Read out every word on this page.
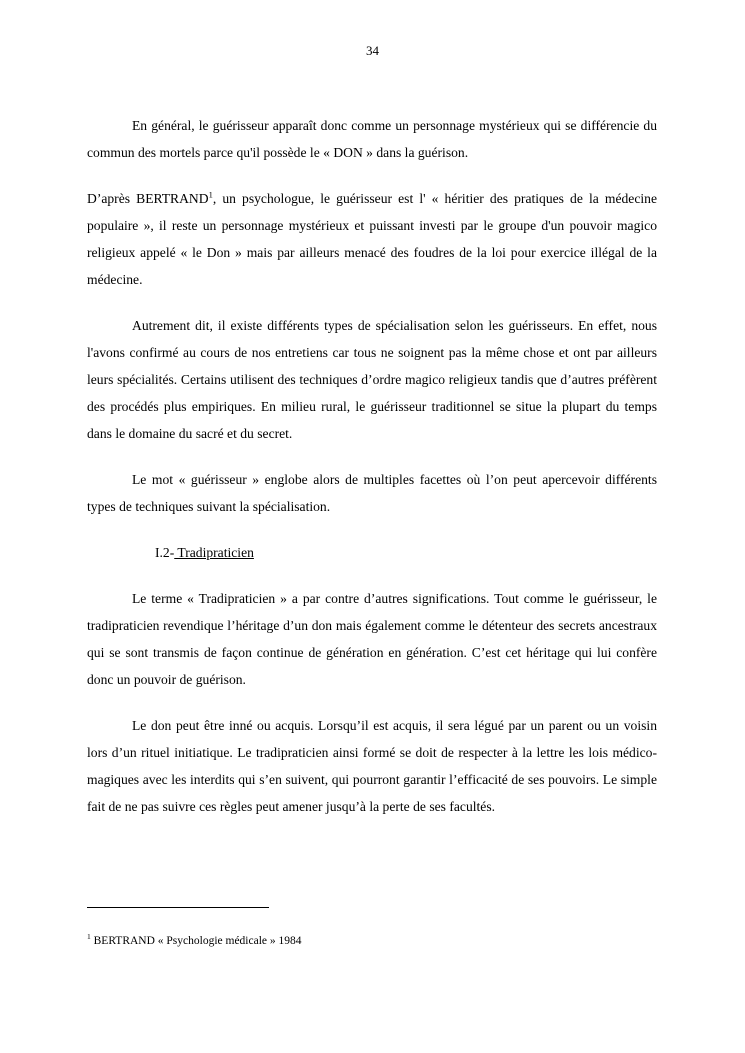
34

En général, le guérisseur apparaît donc comme un personnage mystérieux qui se différencie du commun des mortels parce qu'il possède le « DON » dans la guérison.

D’après BERTRAND$^1$, un psychologue, le guérisseur est l' « héritier des pratiques de la médecine populaire », il reste un personnage mystérieux et puissant investi par le groupe d'un pouvoir magico religieux appelé « le Don » mais par ailleurs menacé des foudres de la loi pour exercice illégal de la médecine.

Autrement dit, il existe différents types de spécialisation selon les guérisseurs. En effet, nous l'avons confirmé au cours de nos entretiens car tous ne soignent pas la même chose et ont par ailleurs leurs spécialités. Certains utilisent des techniques d’ordre magico religieux tandis que d’autres préfèrent des procédés plus empiriques. En milieu rural, le guérisseur traditionnel se situe la plupart du temps dans le domaine du sacré et du secret.

Le mot « guérisseur » englobe alors de multiples facettes où l’on peut apercevoir différents types de techniques suivant la spécialisation.

I.2- Tradipraticien

Le terme « Tradipraticien » a par contre d’autres significations. Tout comme le guérisseur, le tradipraticien revendique l’héritage d’un don mais également comme le détenteur des secrets ancestraux qui se sont transmis de façon continue de génération en génération. C’est cet héritage qui lui confère donc un pouvoir de guérison.

Le don peut être inné ou acquis. Lorsqu’il est acquis, il sera légué par un parent ou un voisin lors d’un rituel initiatique. Le tradipraticien ainsi formé se doit de respecter à la lettre les lois médico-magiques avec les interdits qui s’en suivent, qui pourront garantir l’efficacité de ses pouvoirs. Le simple fait de ne pas suivre ces règles peut amener jusqu’à la perte de ses facultés.

$^1$ BERTRAND « Psychologie médicale » 1984
